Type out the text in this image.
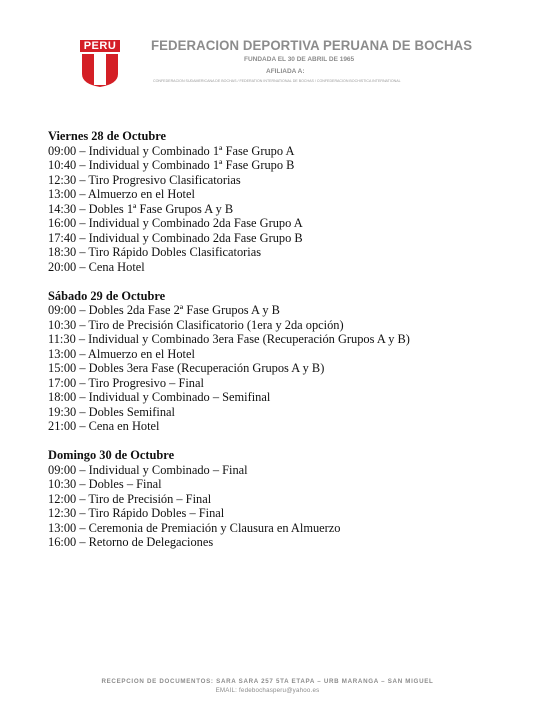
PERU FEDERACION DEPORTIVA PERUANA DE BOCHAS
FUNDADA EL 30 DE ABRIL DE 1965
AFILIADA A:
CONFEDERACION SUDAMERICANA DE BOCHAS / FEDERATION INTERNATIONAL DE BOCHAS / CONFEDERACION BOCHISTICA INTERNATIONAL
Viernes 28 de Octubre
09:00 – Individual y Combinado 1ª Fase Grupo A
10:40 – Individual y Combinado 1ª Fase Grupo B
12:30 – Tiro Progresivo Clasificatorias
13:00 – Almuerzo en el Hotel
14:30 – Dobles 1ª Fase Grupos A y B
16:00 – Individual y Combinado 2da Fase Grupo A
17:40 – Individual y Combinado 2da Fase Grupo B
18:30 – Tiro Rápido Dobles Clasificatorias
20:00 – Cena Hotel
Sábado 29 de Octubre
09:00 – Dobles 2da Fase 2ª Fase Grupos A y B
10:30 – Tiro de Precisión Clasificatorio (1era y 2da opción)
11:30 – Individual y Combinado 3era Fase (Recuperación Grupos A y B)
13:00 – Almuerzo en el Hotel
15:00 – Dobles 3era Fase (Recuperación Grupos A y B)
17:00 – Tiro Progresivo – Final
18:00 – Individual y Combinado – Semifinal
19:30 – Dobles Semifinal
21:00 – Cena en Hotel
Domingo 30 de Octubre
09:00 – Individual y Combinado – Final
10:30 – Dobles – Final
12:00 – Tiro de Precisión – Final
12:30 – Tiro Rápido Dobles – Final
13:00 – Ceremonia de Premiación y Clausura en Almuerzo
16:00 – Retorno de Delegaciones
RECEPCION DE DOCUMENTOS: SARA SARA 257 5TA ETAPA – URB MARANGA – SAN MIGUEL
EMAIL: fedebochasperu@yahoo.es
